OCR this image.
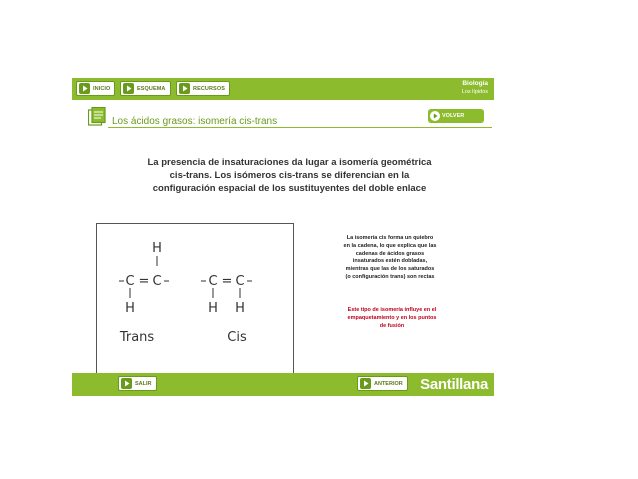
INICIO	ESQUEMA	RECURSOS
Biología
Los lípidos
Los ácidos grasos: isomería cis-trans	VOLVER
La presencia de insaturaciones da lugar a isomería geométrica
cis-trans. Los isómeros cis-trans se diferencian en la
configuración espacial de los sustituyentes del doble enlace
H
C = C
H
Trans
C = C
H H
Cis
La isomería cis forma un quiebro
en la cadena, lo que explica que las
cadenas de ácidos grasos
insaturados estén dobladas,
mientras que las de los saturados
(o configuración trans) son rectas
Este tipo de isomería influye en el
empaquetamiento y en los puntos
de fusión
SALIR	ANTERIOR Santillana
